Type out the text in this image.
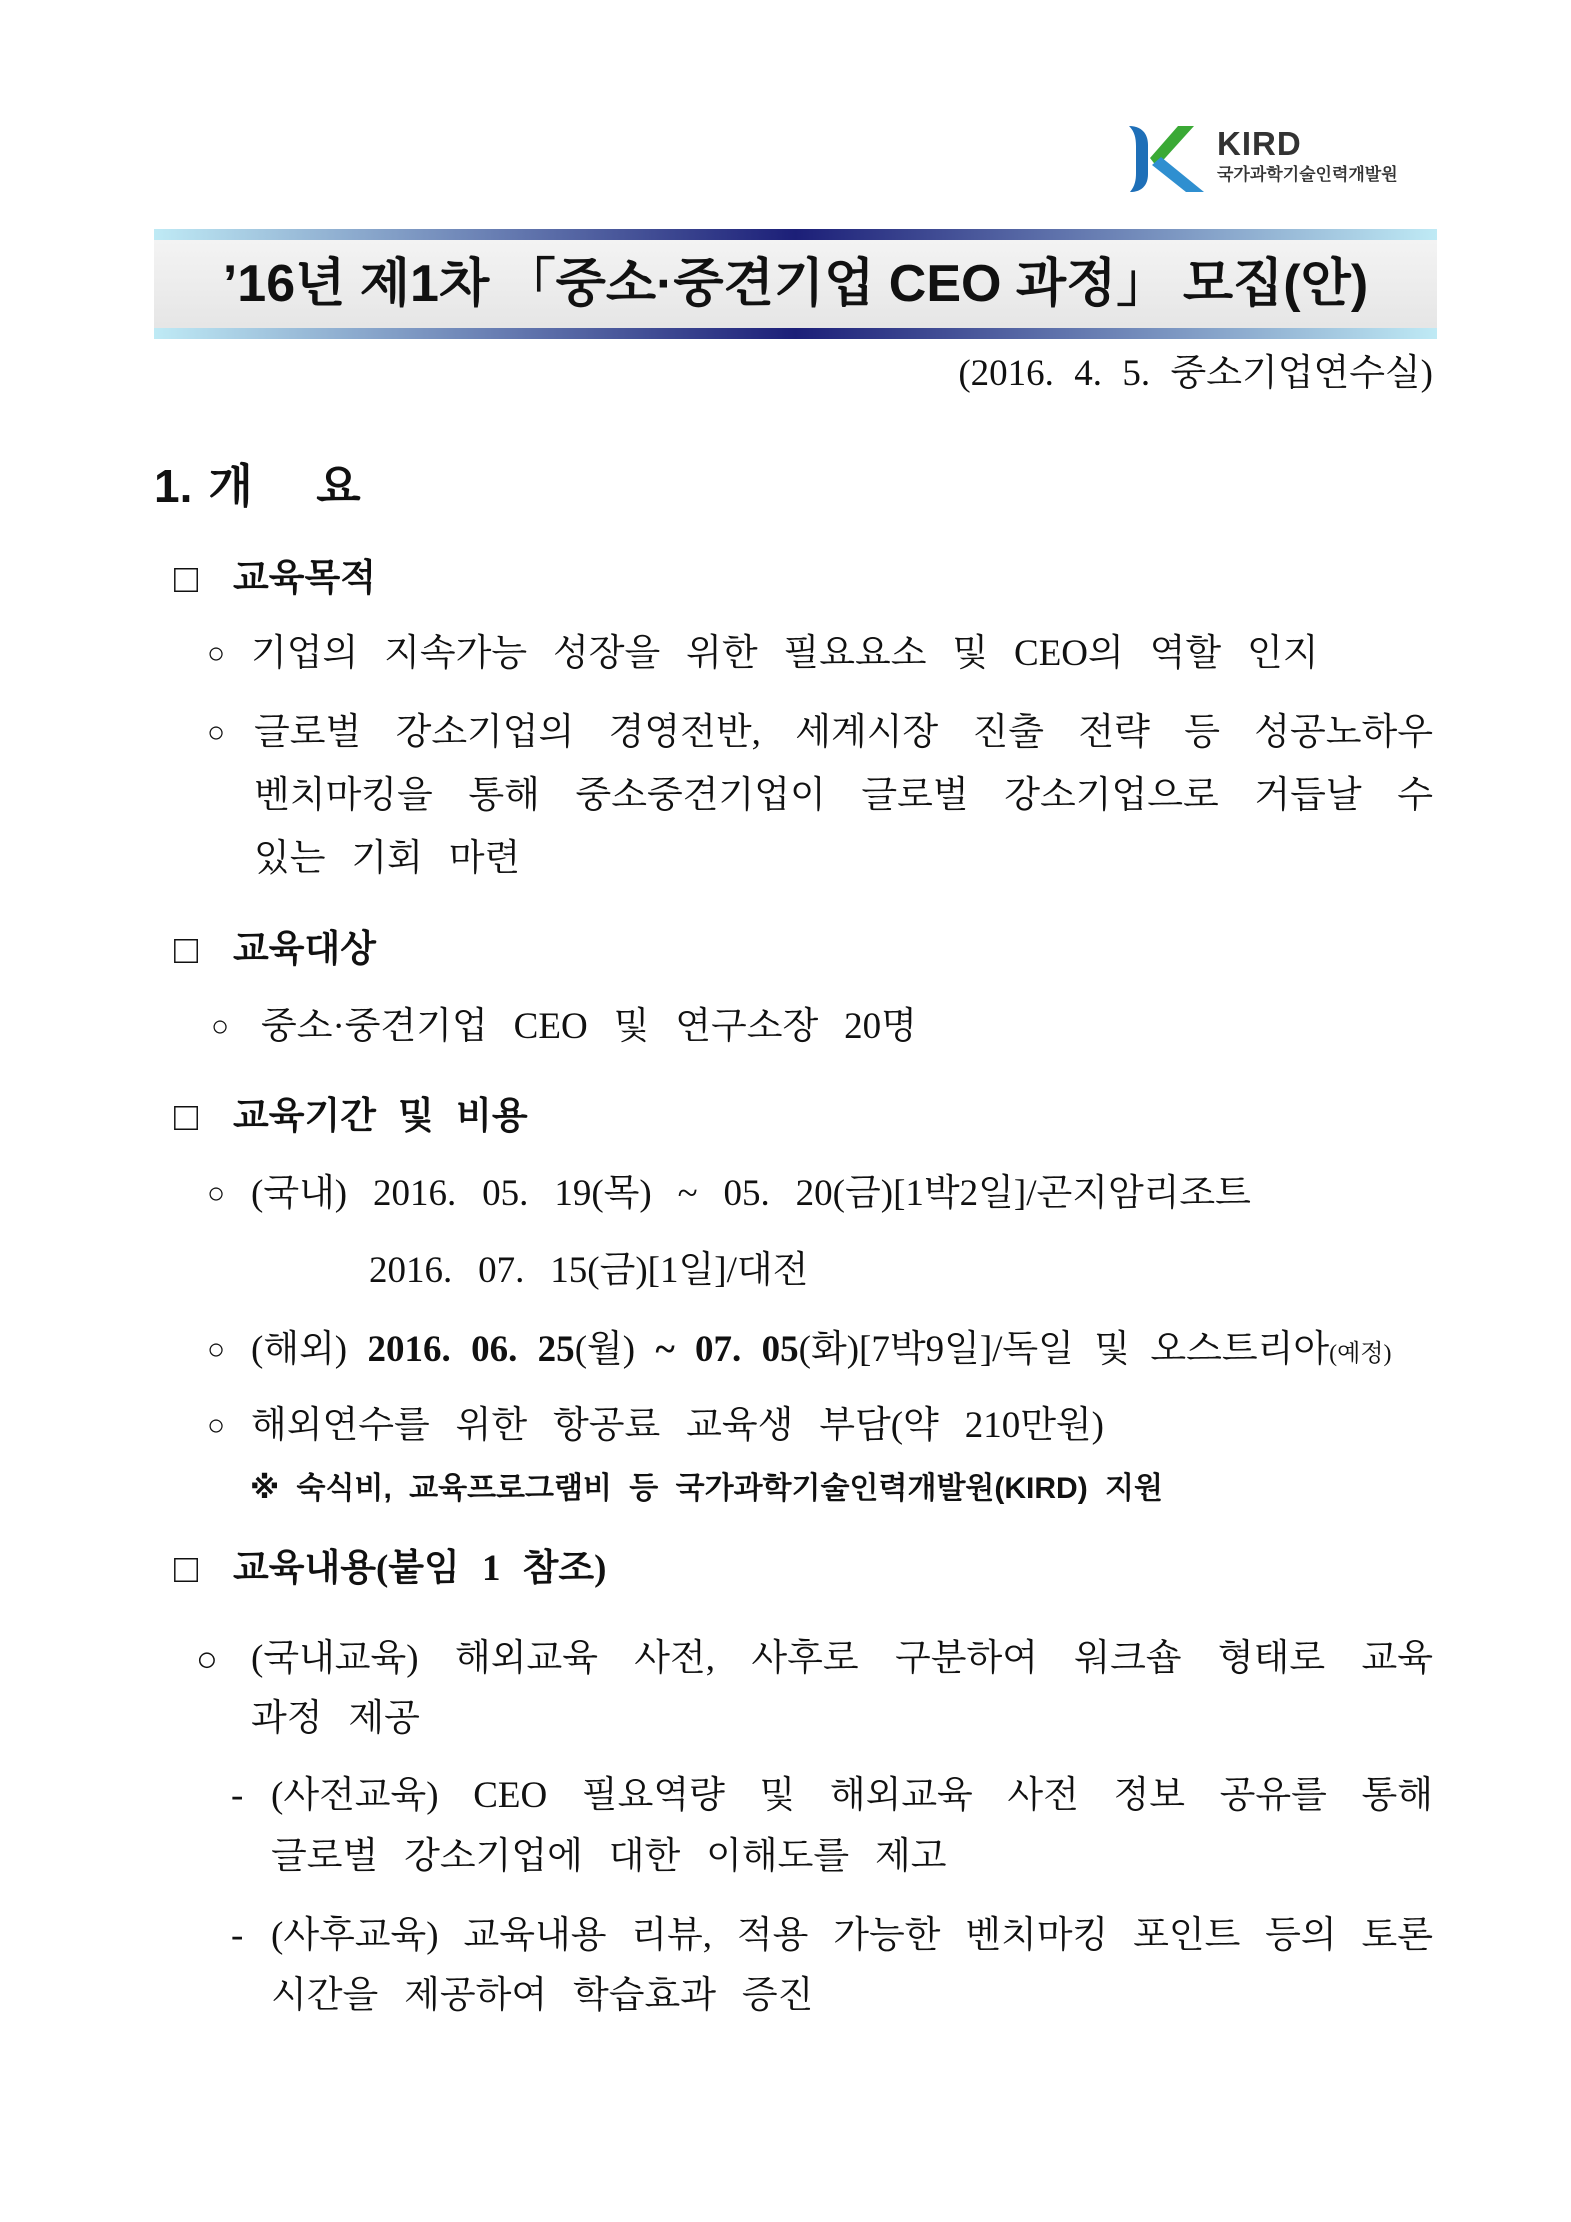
KIRD
국가과학기술인력개발원
’16년 제1차 「중소·중견기업 CEO 과정」 모집(안)
(2016. 4. 5. 중소기업연수실)
1. 개 요
□ 교육목적
○ 기업의 지속가능 성장을 위한 필요요소 및 CEO의 역할 인지
○ 글로벌 강소기업의 경영전반, 세계시장 진출 전략 등 성공노하우
벤치마킹을 통해 중소중견기업이 글로벌 강소기업으로 거듭날 수
있는 기회 마련
□ 교육대상
○ 중소·중견기업 CEO 및 연구소장 20명
□ 교육기간 및 비용
○ (국내) 2016. 05. 19(목) ~ 05. 20(금)[1박2일]/곤지암리조트
2016. 07. 15(금)[1일]/대전
○ (해외) 2016. 06. 25(월) ~ 07. 05(화)[7박9일]/독일 및 오스트리아(예정)
○ 해외연수를 위한 항공료 교육생 부담(약 210만원)
※ 숙식비, 교육프로그램비 등 국가과학기술인력개발원(KIRD) 지원
□ 교육내용(붙임 1 참조)
○ (국내교육) 해외교육 사전, 사후로 구분하여 워크숍 형태로 교육
과정 제공
- (사전교육) CEO 필요역량 및 해외교육 사전 정보 공유를 통해
글로벌 강소기업에 대한 이해도를 제고
- (사후교육) 교육내용 리뷰, 적용 가능한 벤치마킹 포인트 등의 토론
시간을 제공하여 학습효과 증진
